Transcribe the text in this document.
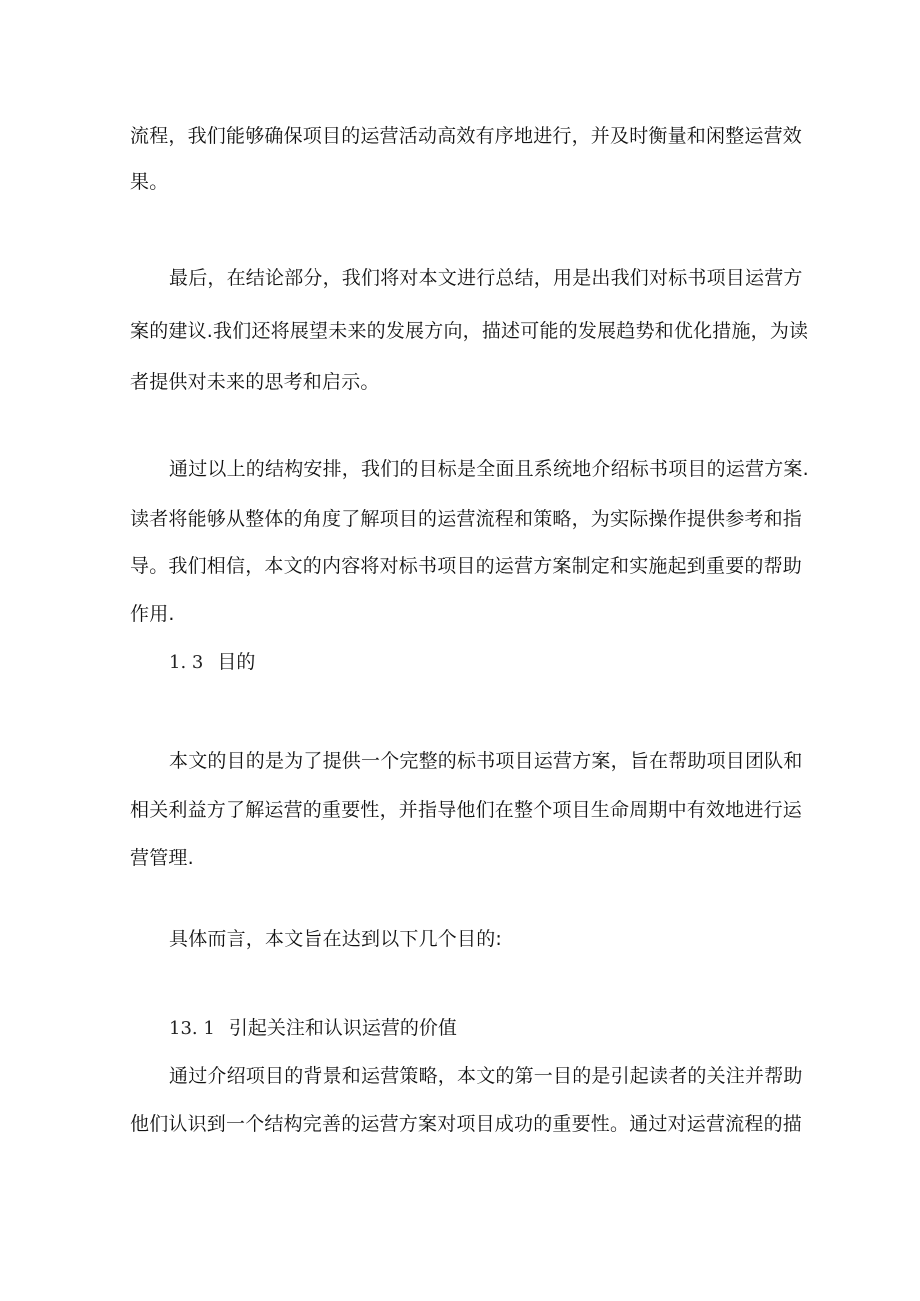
流程，我们能够确保项目的运营活动高效有序地进行，并及时衡量和闲整运营效
果。
最后，在结论部分，我们将对本文进行总结，用是出我们对标书项目运营方
案的建议.我们还将展望未来的发展方向，描述可能的发展趋势和优化措施，为读
者提供对未来的思考和启示。
通过以上的结构安排，我们的目标是全面且系统地介绍标书项目的运营方案.
读者将能够从整体的角度了解项目的运营流程和策略，为实际操作提供参考和指
导。我们相信，本文的内容将对标书项目的运营方案制定和实施起到重要的帮助
作用.
1. 3 目的
本文的目的是为了提供一个完整的标书项目运营方案，旨在帮助项目团队和
相关利益方了解运营的重要性，并指导他们在整个项目生命周期中有效地进行运
营管理.
具体而言，本文旨在达到以下几个目的:
13. 1 引起关注和认识运营的价值
通过介绍项目的背景和运营策略，本文的第一目的是引起读者的关注并帮助
他们认识到一个结构完善的运营方案对项目成功的重要性。通过对运营流程的描
